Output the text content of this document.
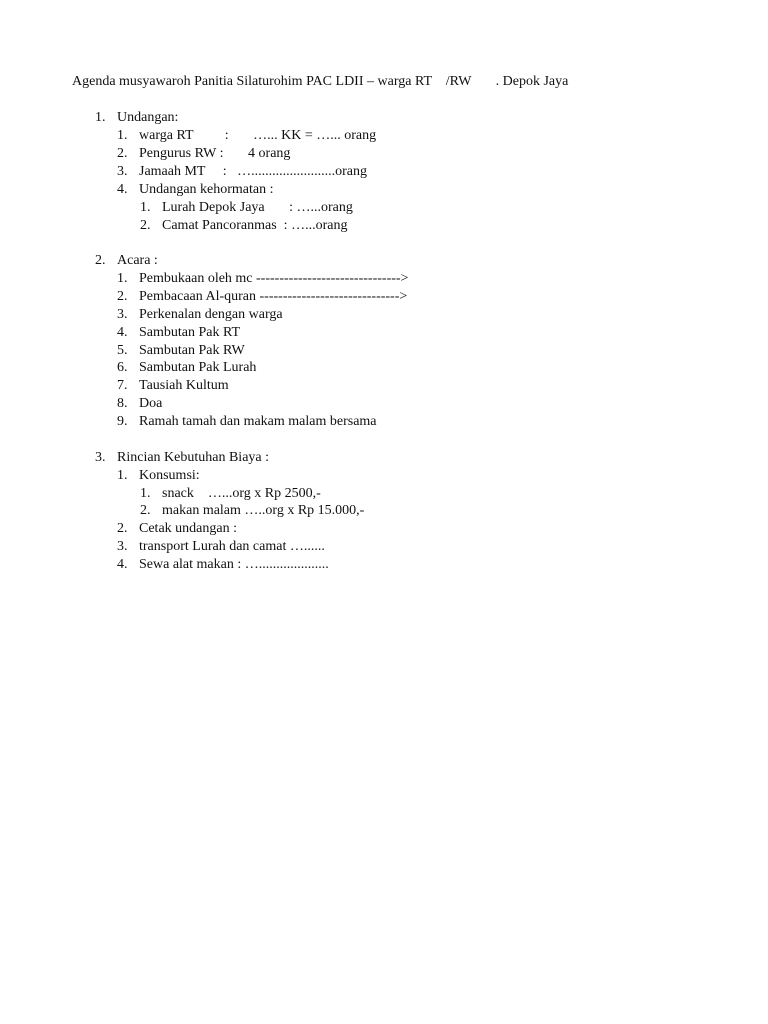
Agenda musyawaroh Panitia Silaturohim PAC LDII – warga RT    /RW       . Depok Jaya
1. Undangan:
1. warga RT         :       …... KK = …... orang
2. Pengurus RW :       4 orang
3. Jamaah MT     :   …........................orang
4. Undangan kehormatan :
1. Lurah Depok Jaya       : …...orang
2. Camat Pancoranmas  : …...orang
2. Acara :
1. Pembukaan oleh mc ------------------------------->
2. Pembacaan Al-quran ------------------------------>
3. Perkenalan dengan warga
4. Sambutan Pak RT
5. Sambutan Pak RW
6. Sambutan Pak Lurah
7. Tausiah Kultum
8. Doa
9. Ramah tamah dan makam malam bersama
3. Rincian Kebutuhan Biaya :
1. Konsumsi:
1. snack    …...org x Rp 2500,-
2. makan malam …..org x Rp 15.000,-
2. Cetak undangan :
3. transport Lurah dan camat …......
4. Sewa alat makan : …....................
